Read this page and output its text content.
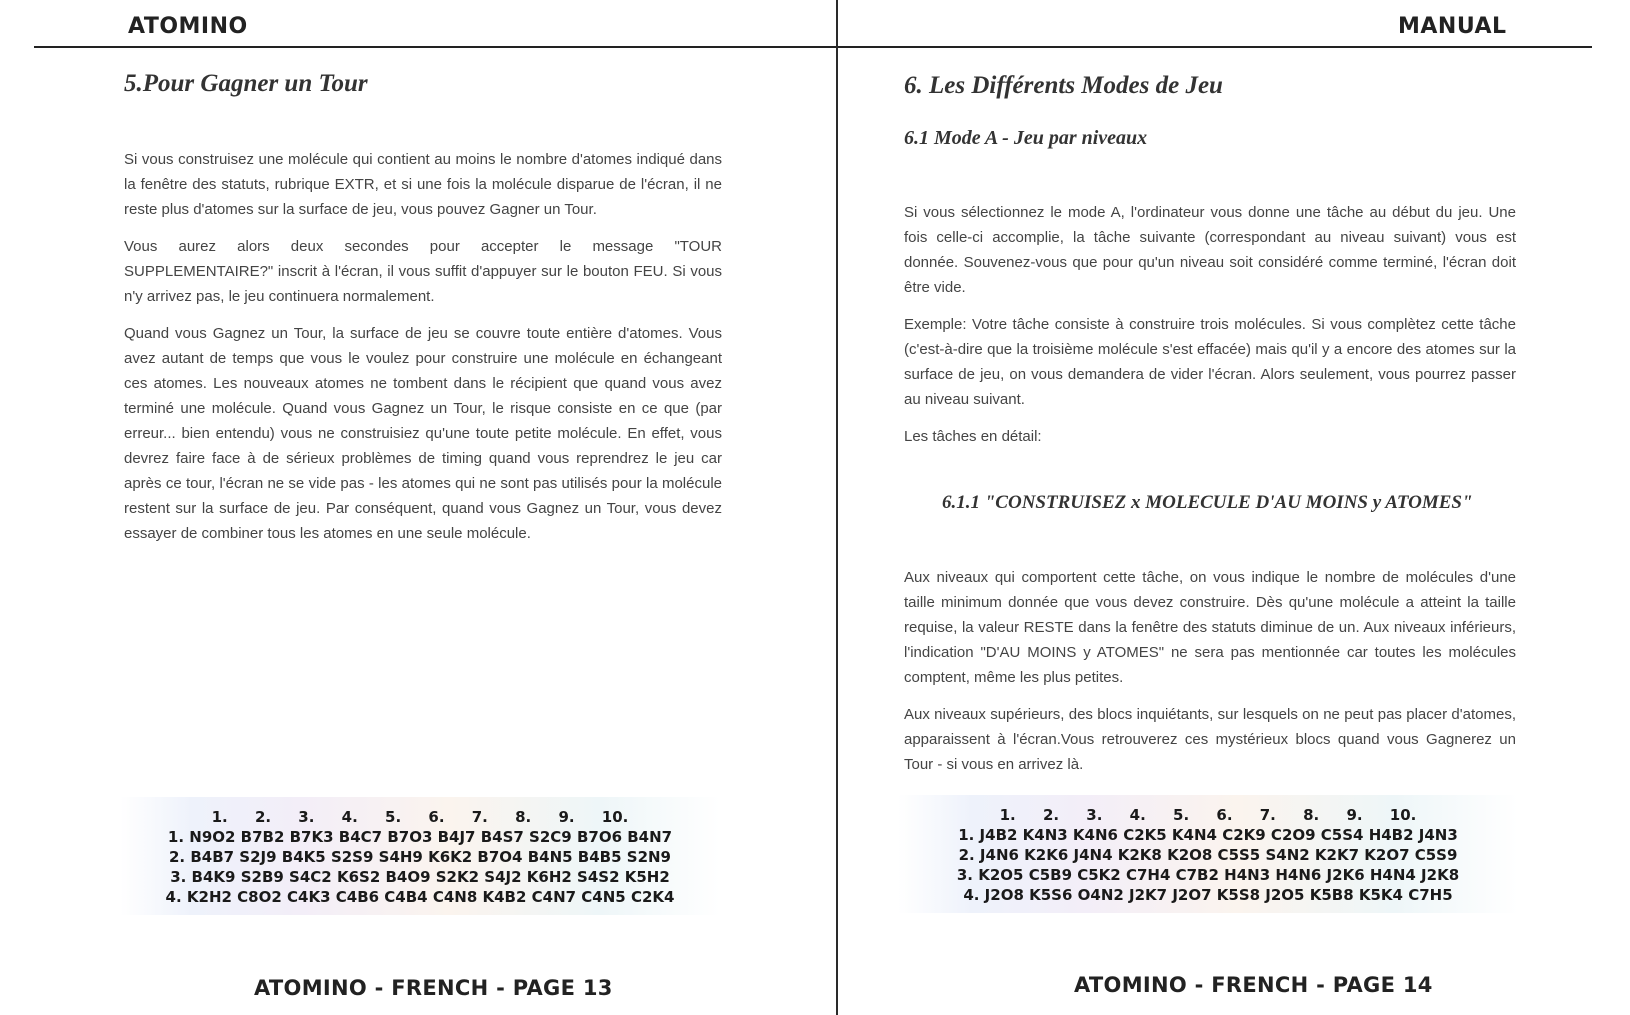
ATOMINO
5.Pour Gagner un Tour

Si vous construisez une molécule qui contient au moins le nombre d'atomes indiqué dans la fenêtre des statuts, rubrique EXTR, et si une fois la molécule disparue de l'écran, il ne reste plus d'atomes sur la surface de jeu, vous pouvez Gagner un Tour.

Vous aurez alors deux secondes pour accepter le message "TOUR SUPPLEMENTAIRE?" inscrit à l'écran, il vous suffit d'appuyer sur le bouton FEU. Si vous n'y arrivez pas, le jeu continuera normalement.

Quand vous Gagnez un Tour, la surface de jeu se couvre toute entière d'atomes. Vous avez autant de temps que vous le voulez pour construire une molécule en échangeant ces atomes. Les nouveaux atomes ne tombent dans le récipient que quand vous avez terminé une molécule. Quand vous Gagnez un Tour, le risque consiste en ce que (par erreur... bien entendu) vous ne construisiez qu'une toute petite molécule. En effet, vous devrez faire face à de sérieux problèmes de timing quand vous reprendrez le jeu car après ce tour, l'écran ne se vide pas - les atomes qui ne sont pas utilisés pour la molécule restent sur la surface de jeu. Par conséquent, quand vous Gagnez un Tour, vous devez essayer de combiner tous les atomes en une seule molécule.

1. 2. 3. 4. 5. 6. 7. 8. 9. 10.
1. N9O2 B7B2 B7K3 B4C7 B7O3 B4J7 B4S7 S2C9 B7O6 B4N7
2. B4B7 S2J9 B4K5 S2S9 S4H9 K6K2 B7O4 B4N5 B4B5 S2N9
3. B4K9 S2B9 S4C2 K6S2 B4O9 S2K2 S4J2 K6H2 S4S2 K5H2
4. K2H2 C8O2 C4K3 C4B6 C4B4 C4N8 K4B2 C4N7 C4N5 C2K4
ATOMINO - FRENCH - PAGE 13
MANUAL
6. Les Différents Modes de Jeu
6.1 Mode A - Jeu par niveaux

Si vous sélectionnez le mode A, l'ordinateur vous donne une tâche au début du jeu. Une fois celle-ci accomplie, la tâche suivante (correspondant au niveau suivant) vous est donnée. Souvenez-vous que pour qu'un niveau soit considéré comme terminé, l'écran doit être vide.

Exemple: Votre tâche consiste à construire trois molécules. Si vous complètez cette tâche (c'est-à-dire que la troisième molécule s'est effacée) mais qu'il y a encore des atomes sur la surface de jeu, on vous demandera de vider l'écran. Alors seulement, vous pourrez passer au niveau suivant.

Les tâches en détail:

6.1.1 "CONSTRUISEZ x MOLECULE D'AU MOINS y ATOMES"

Aux niveaux qui comportent cette tâche, on vous indique le nombre de molécules d'une taille minimum donnée que vous devez construire. Dès qu'une molécule a atteint la taille requise, la valeur RESTE dans la fenêtre des statuts diminue de un. Aux niveaux inférieurs, l'indication "D'AU MOINS y ATOMES" ne sera pas mentionnée car toutes les molécules comptent, même les plus petites.

Aux niveaux supérieurs, des blocs inquiétants, sur lesquels on ne peut pas placer d'atomes, apparaissent à l'écran.Vous retrouverez ces mystérieux blocs quand vous Gagnerez un Tour - si vous en arrivez là.

1. 2. 3. 4. 5. 6. 7. 8. 9. 10.
1. J4B2 K4N3 K4N6 C2K5 K4N4 C2K9 C2O9 C5S4 H4B2 J4N3
2. J4N6 K2K6 J4N4 K2K8 K2O8 C5S5 S4N2 K2K7 K2O7 C5S9
3. K2O5 C5B9 C5K2 C7H4 C7B2 H4N3 H4N6 J2K6 H4N4 J2K8
4. J2O8 K5S6 O4N2 J2K7 J2O7 K5S8 J2O5 K5B8 K5K4 C7H5
ATOMINO - FRENCH - PAGE 14
